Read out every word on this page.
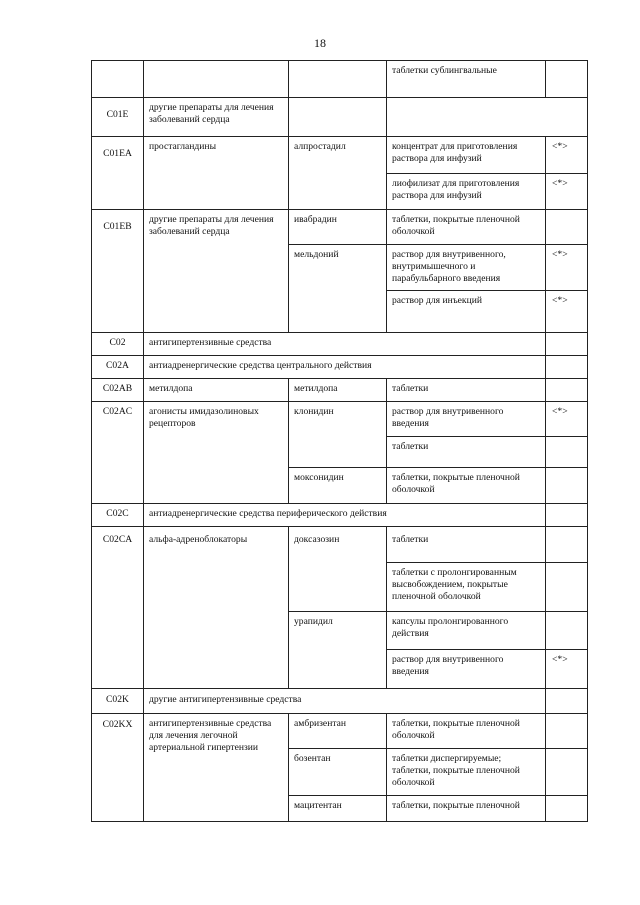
18
			таблетки сублингвальные	
C01E	другие препараты для лечения заболеваний сердца			
C01EA	простагландины	алпростадил	концентрат для приготовления раствора для инфузий	<*>
			лиофилизат для приготовления раствора для инфузий	<*>
C01EB	другие препараты для лечения заболеваний сердца	ивабрадин	таблетки, покрытые пленочной оболочкой	
		мельдоний	раствор для внутривенного, внутримышечного и парабульбарного введения	<*>
			раствор для инъекций	<*>
C02	антигипертензивные средства			
C02A	антиадренергические средства центрального действия			
C02AB	метилдопа	метилдопа	таблетки	
C02AC	агонисты имидазолиновых рецепторов	клонидин	раствор для внутривенного введения	<*>
			таблетки	
		моксонидин	таблетки, покрытые пленочной оболочкой	
C02C	антиадренергические средства периферического действия			
C02CA	альфа-адреноблокаторы	доксазозин	таблетки	
			таблетки с пролонгированным высвобождением, покрытые пленочной оболочкой	
		урапидил	капсулы пролонгированного действия	
			раствор для внутривенного введения	<*>
C02K	другие антигипертензивные средства			
C02KX	антигипертензивные средства для лечения легочной артериальной гипертензии	амбризентан	таблетки, покрытые пленочной оболочкой	
		бозентан	таблетки диспергируемые; таблетки, покрытые пленочной оболочкой	
		мацитентан	таблетки, покрытые пленочной	
